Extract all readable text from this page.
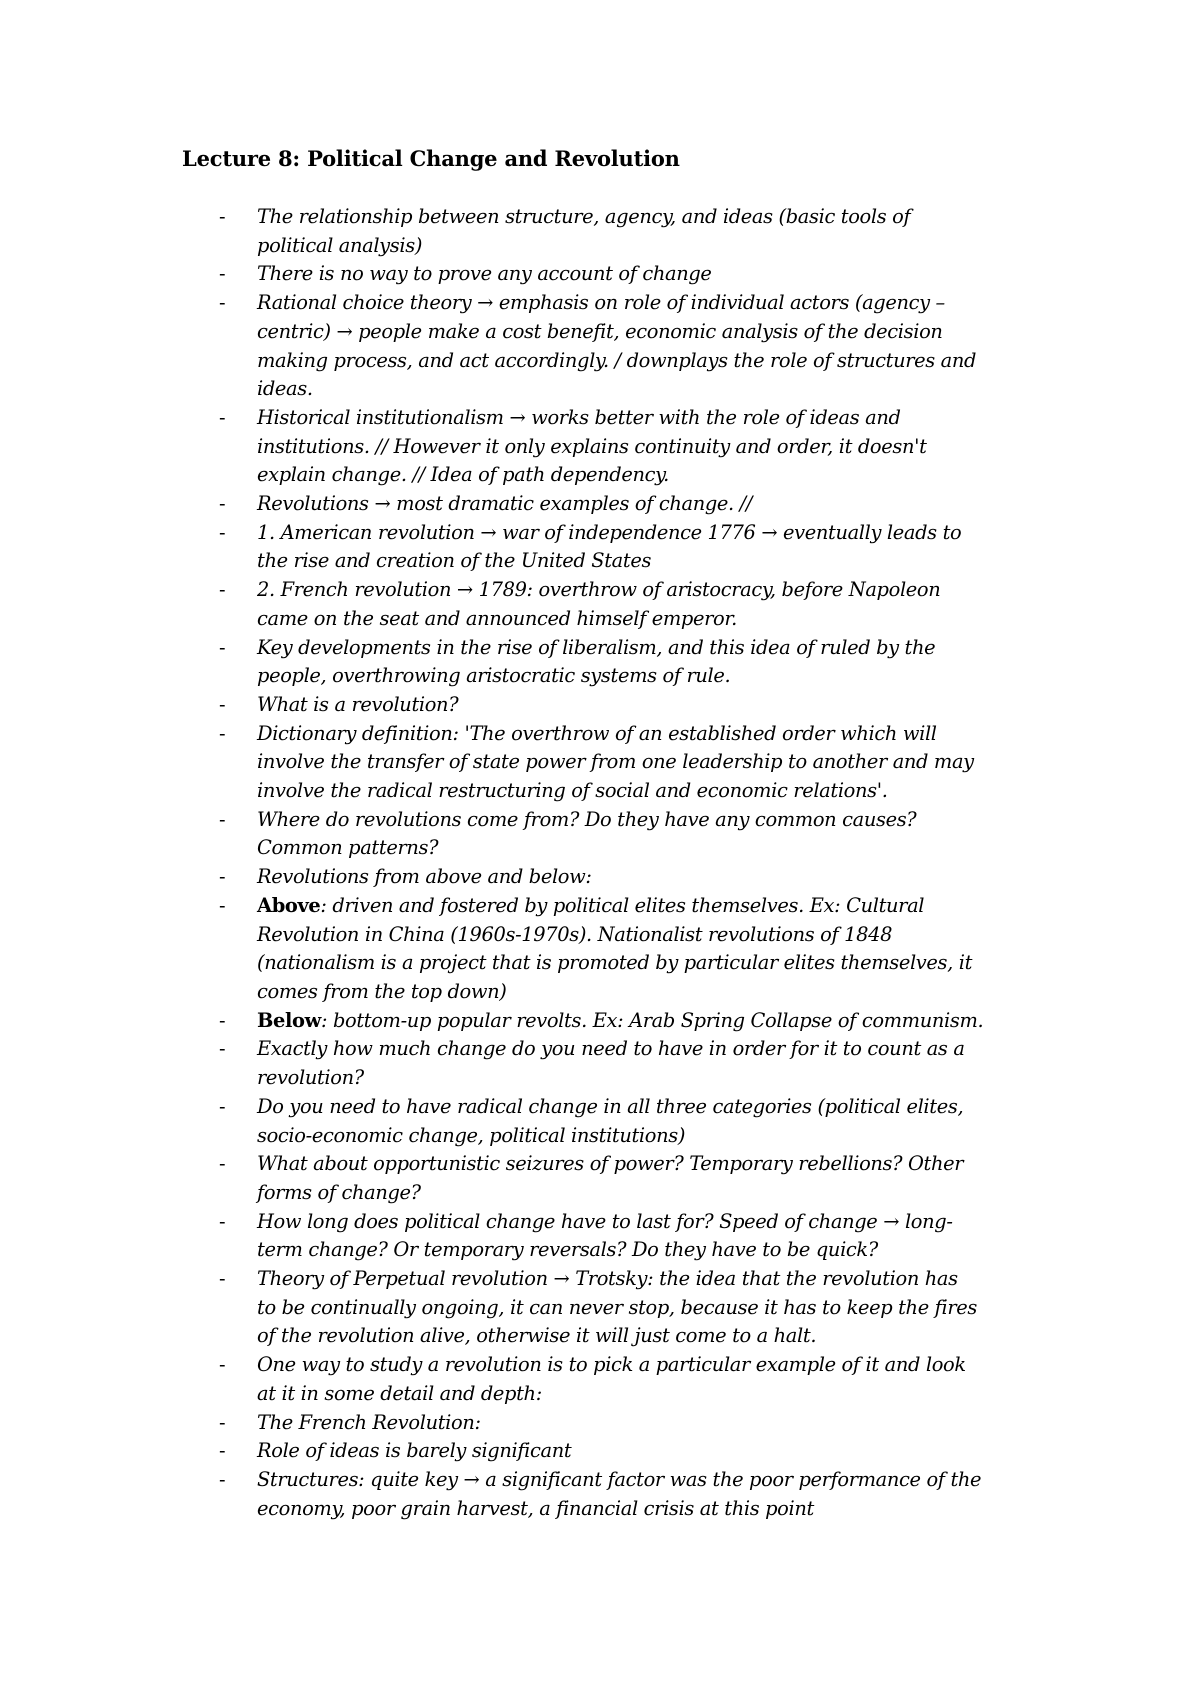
Lecture 8: Political Change and Revolution
- The relationship between structure, agency, and ideas (basic tools of
political analysis)
- There is no way to prove any account of change
- Rational choice theory → emphasis on role of individual actors (agency –
centric) → people make a cost benefit, economic analysis of the decision
making process, and act accordingly. / downplays the role of structures and
ideas.
- Historical institutionalism → works better with the role of ideas and
institutions. // However it only explains continuity and order, it doesn't
explain change. // Idea of path dependency.
- Revolutions → most dramatic examples of change. //
- 1. American revolution → war of independence 1776 → eventually leads to
the rise and creation of the United States
- 2. French revolution → 1789: overthrow of aristocracy, before Napoleon
came on the seat and announced himself emperor.
- Key developments in the rise of liberalism, and this idea of ruled by the
people, overthrowing aristocratic systems of rule.
- What is a revolution?
- Dictionary definition: 'The overthrow of an established order which will
involve the transfer of state power from one leadership to another and may
involve the radical restructuring of social and economic relations'.
- Where do revolutions come from? Do they have any common causes?
Common patterns?
- Revolutions from above and below:
- Above: driven and fostered by political elites themselves. Ex: Cultural
Revolution in China (1960s-1970s). Nationalist revolutions of 1848
(nationalism is a project that is promoted by particular elites themselves, it
comes from the top down)
- Below: bottom-up popular revolts. Ex: Arab Spring Collapse of communism.
- Exactly how much change do you need to have in order for it to count as a
revolution?
- Do you need to have radical change in all three categories (political elites,
socio-economic change, political institutions)
- What about opportunistic seizures of power? Temporary rebellions? Other
forms of change?
- How long does political change have to last for? Speed of change → long-
term change? Or temporary reversals? Do they have to be quick?
- Theory of Perpetual revolution → Trotsky: the idea that the revolution has
to be continually ongoing, it can never stop, because it has to keep the fires
of the revolution alive, otherwise it will just come to a halt.
- One way to study a revolution is to pick a particular example of it and look
at it in some detail and depth:
- The French Revolution:
- Role of ideas is barely significant
- Structures: quite key → a significant factor was the poor performance of the
economy, poor grain harvest, a financial crisis at this point
